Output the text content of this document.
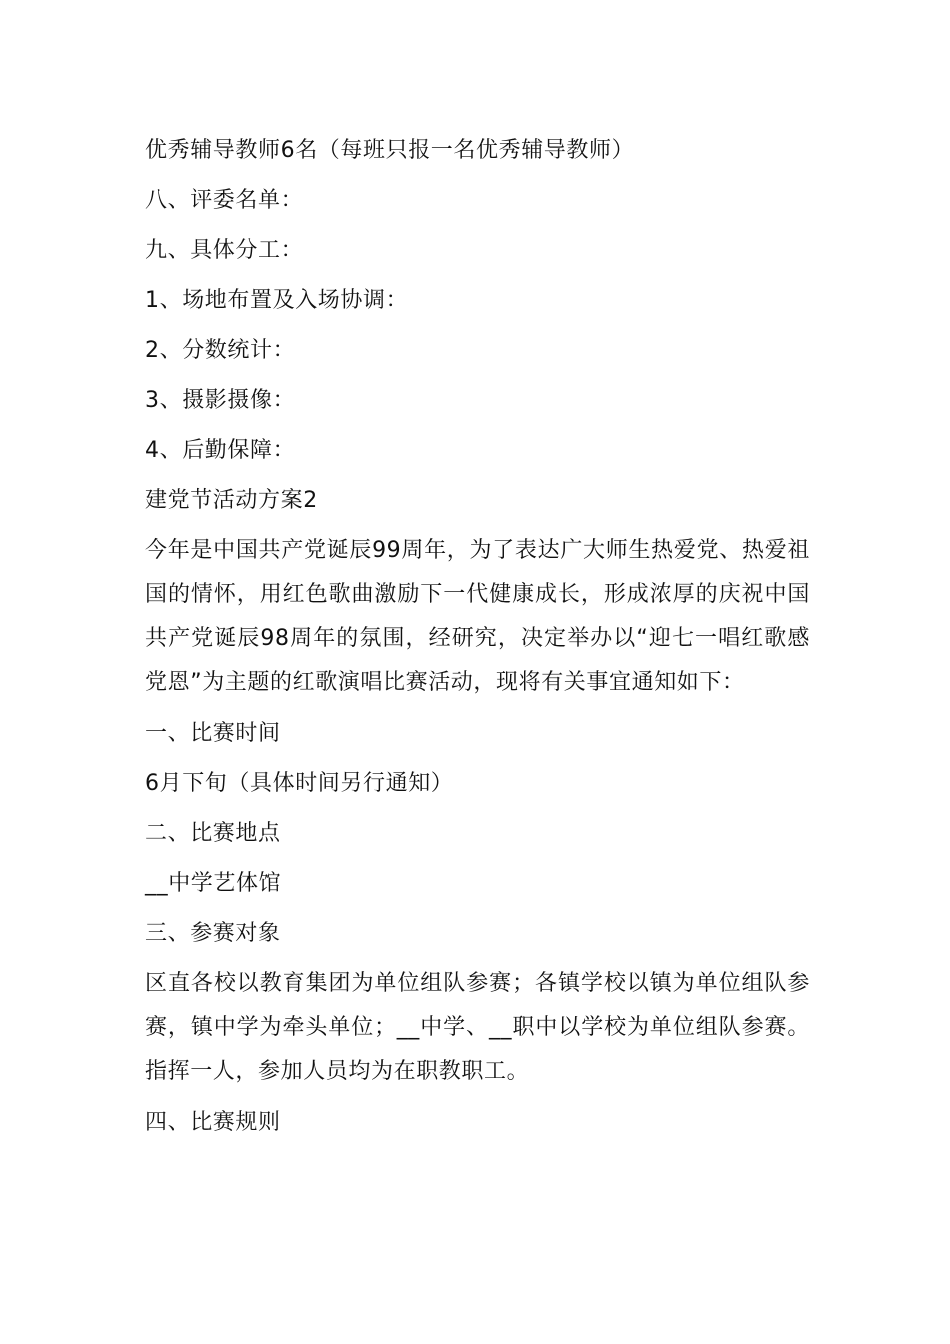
优秀辅导教师6名（每班只报一名优秀辅导教师）
八、评委名单：
九、具体分工：
1、场地布置及入场协调：
2、分数统计：
3、摄影摄像：
4、后勤保障：
建党节活动方案2
今年是中国共产党诞辰99周年，为了表达广大师生热爱党、热爱祖国的情怀，用红色歌曲激励下一代健康成长，形成浓厚的庆祝中国共产党诞辰98周年的氛围，经研究，决定举办以“迎七一唱红歌感党恩”为主题的红歌演唱比赛活动，现将有关事宜通知如下：
一、比赛时间
6月下旬（具体时间另行通知）
二、比赛地点
__中学艺体馆
三、参赛对象
区直各校以教育集团为单位组队参赛；各镇学校以镇为单位组队参赛，镇中学为牵头单位；__中学、__职中以学校为单位组队参赛。指挥一人，参加人员均为在职教职工。
四、比赛规则
